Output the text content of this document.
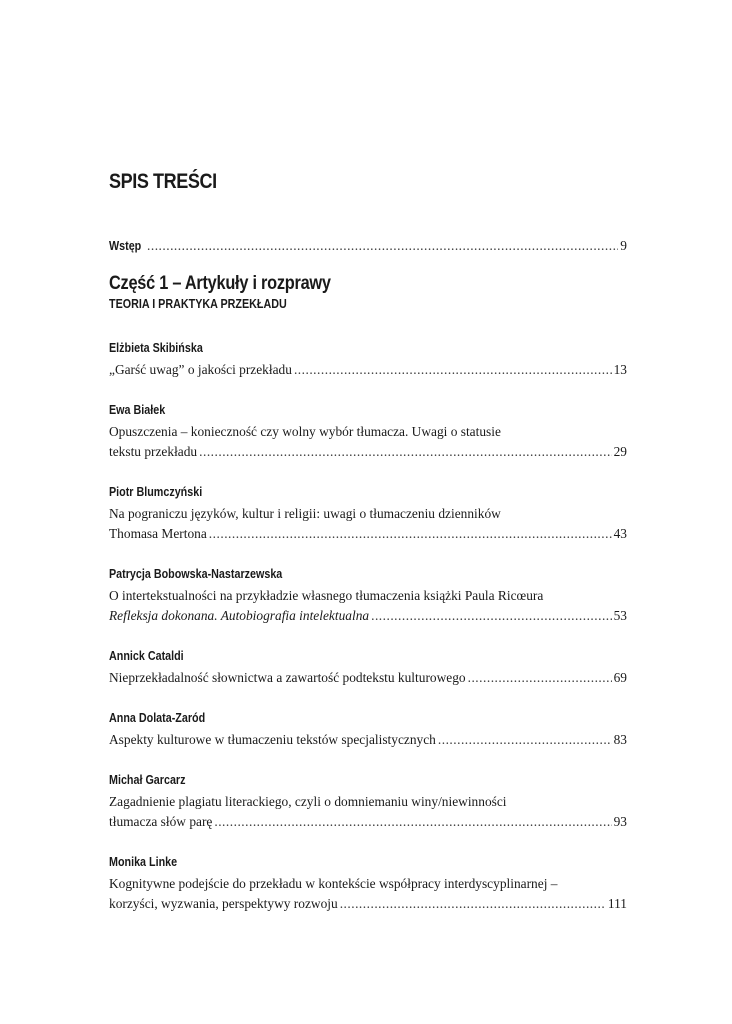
SPIS TREŚCI
Wstęp .....	9
Część 1 – Artykuły i rozprawy
TEORIA I PRAKTYKA PRZEKŁADU
Elżbieta Skibińska
„Garść uwag” o jakości przekładu .....	13
Ewa Białek
Opuszczenia – konieczność czy wolny wybór tłumacza. Uwagi o statusie
tekstu przekładu .....	29
Piotr Blumczyński
Na pograniczu języków, kultur i religii: uwagi o tłumaczeniu dzienników
Thomasa Mertona .....	43
Patrycja Bobowska-Nastarzewska
O intertekstualności na przykładzie własnego tłumaczenia książki Paula Ricœura
Refleksja dokonana. Autobiografia intelektualna .....	53
Annick Cataldi
Nieprzekładalność słownictwa a zawartość podtekstu kulturowego .....	69
Anna Dolata-Zaród
Aspekty kulturowe w tłumaczeniu tekstów specjalistycznych .....	83
Michał Garcarz
Zagadnienie plagiatu literackiego, czyli o domniemaniu winy/niewinności
tłumacza słów parę .....	93
Monika Linke
Kognitywne podejście do przekładu w kontekście współpracy interdyscyplinarnej –
korzyści, wyzwania, perspektywy rozwoju .....	111
